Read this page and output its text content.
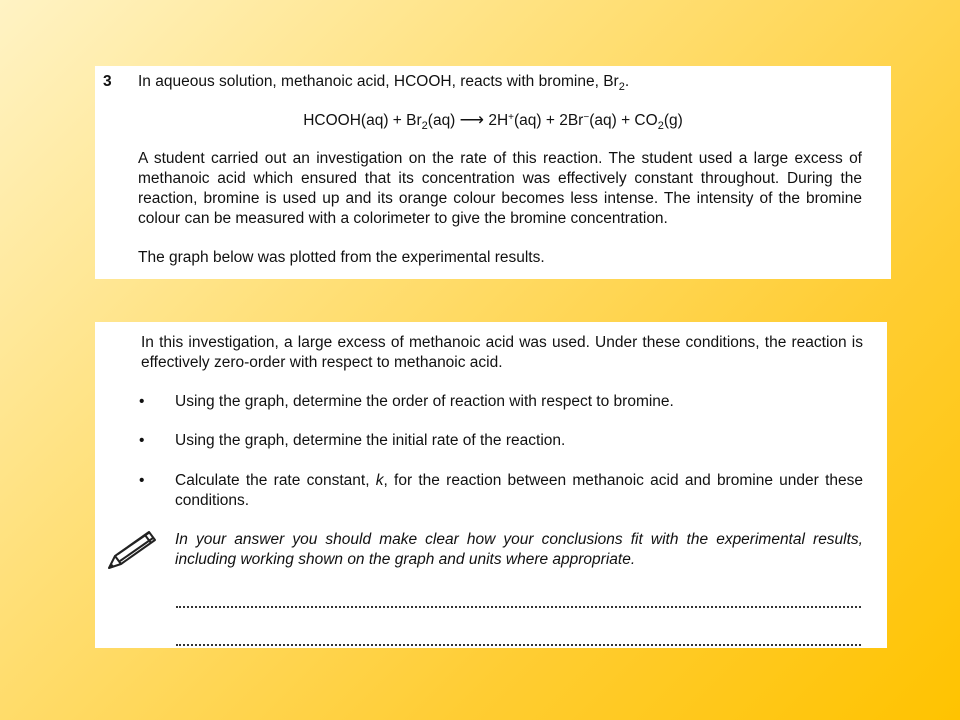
3 In aqueous solution, methanoic acid, HCOOH, reacts with bromine, $Br_2$.
HCOOH(aq) + $Br_2(aq)$ ⟶ $2H^+(aq) + 2Br^-(aq) + CO_2(g)$
A student carried out an investigation on the rate of this reaction. The student used a large excess of methanoic acid which ensured that its concentration was effectively constant throughout. During the reaction, bromine is used up and its orange colour becomes less intense. The intensity of the bromine colour can be measured with a colorimeter to give the bromine concentration.
The graph below was plotted from the experimental results.
In this investigation, a large excess of methanoic acid was used. Under these conditions, the reaction is effectively zero-order with respect to methanoic acid.
• Using the graph, determine the order of reaction with respect to bromine.
• Using the graph, determine the initial rate of the reaction.
• Calculate the rate constant, k, for the reaction between methanoic acid and bromine under these conditions.
In your answer you should make clear how your conclusions fit with the experimental results, including working shown on the graph and units where appropriate.
